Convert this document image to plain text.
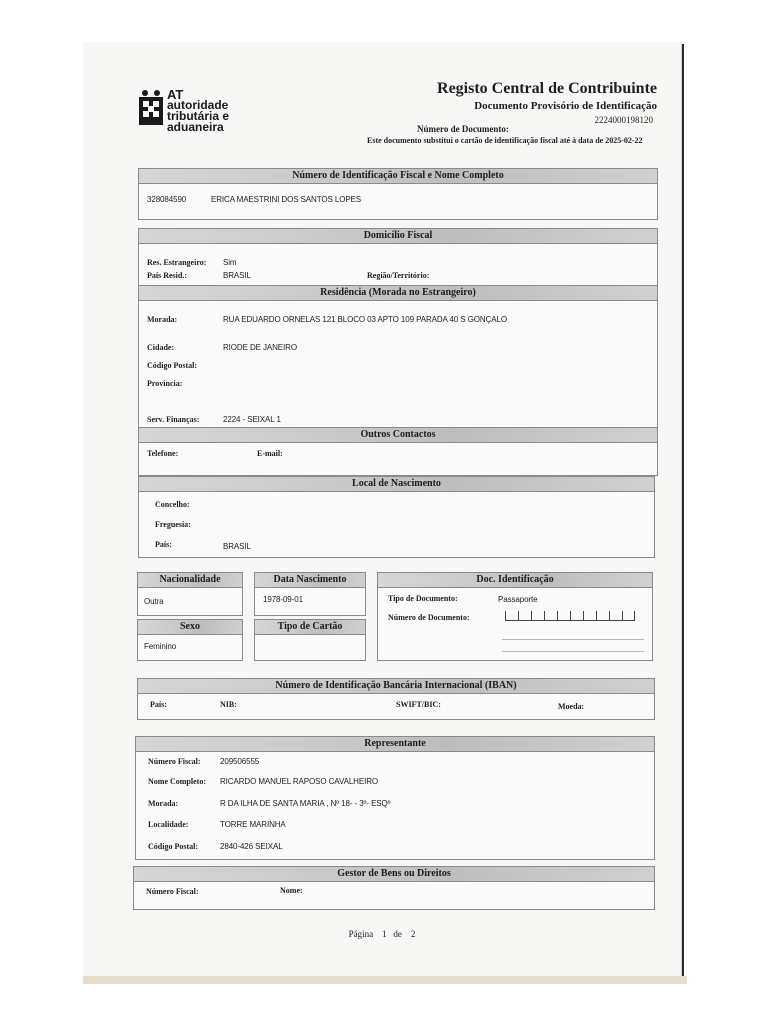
AT
autoridade
tributária e aduaneira
Registo Central de Contribuinte
Documento Provisório de Identificação
2224000198120
Número de Documento:
Este documento substitui o cartão de identificação fiscal até à data de 2025-02-22
Número de Identificação Fiscal e Nome Completo
328084590	ERICA MAESTRINI DOS SANTOS LOPES
Domicílio Fiscal
Res. Estrangeiro: Sim
País Resid.:	BRASIL	Região/Território:
Residência (Morada no Estrangeiro)
Morada:	RUA EDUARDO ORNELAS 121 BLOCO 03 APTO 109 PARADA 40 S GONÇALO
Cidade:	RIODE DE JANEIRO
Código Postal:
Província:
Serv. Finanças:	2224 - SEIXAL 1
Outros Contactos
Telefone:	E-mail:
Local de Nascimento
Concelho:
Freguesia:
País:	BRASIL
Nacionalidade
Outra
Data Nascimento
1978-09-01
Sexo
Feminino
Tipo de Cartão
Doc. Identificação
Tipo de Documento:	Passaporte
Número de Documento:
Número de Identificação Bancária Internacional (IBAN)
País:	NIB:	SWIFT/BIC:	Moeda:
Representante
Número Fiscal: 209506555
Nome Completo: RICARDO MANUEL RAPOSO CAVALHEIRO
Morada:	R DA ILHA DE SANTA MARIA , Nº 18- - 3º- ESQº
Localidade:	TORRE MARINHA
Código Postal:	2840-426 SEIXAL
Gestor de Bens ou Direitos
Número Fiscal:	Nome:
Página 1 de 2
